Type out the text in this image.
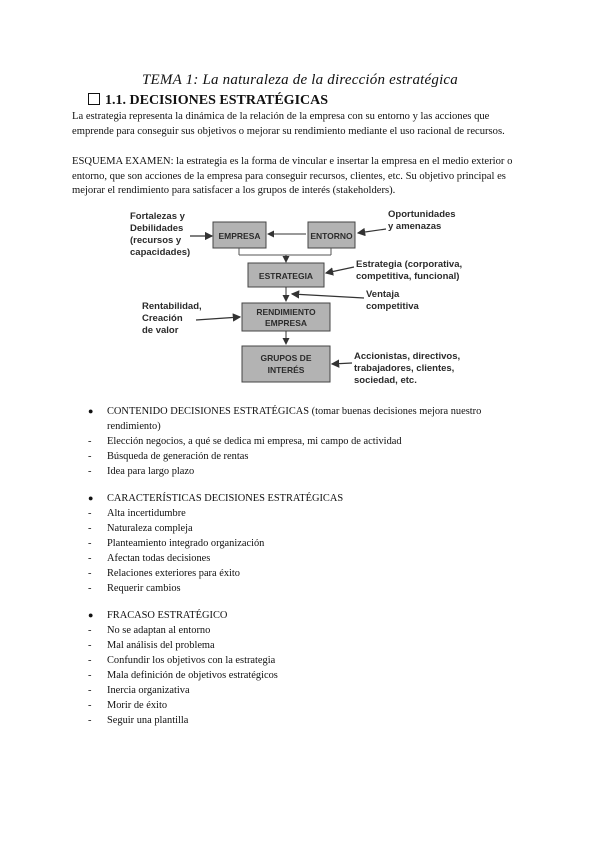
TEMA 1: La naturaleza de la dirección estratégica
1.1. DECISIONES ESTRATÉGICAS
La estrategia representa la dinámica de la relación de la empresa con su entorno y las acciones que emprende para conseguir sus objetivos o mejorar su rendimiento mediante el uso racional de recursos.
ESQUEMA EXAMEN: la estrategia es la forma de vincular e insertar la empresa en el medio exterior o entorno, que son acciones de la empresa para conseguir recursos, clientes, etc. Su objetivo principal es mejorar el rendimiento para satisfacer a los grupos de interés (stakeholders).
Fortalezas y Debilidades (recursos y capacidades)
EMPRESA	ENTORNO
Oportunidades y amenazas
ESTRATEGIA
Estrategia (corporativa, competitiva, funcional)
Ventaja competitiva
RENDIMIENTO
EMPRESA
Rentabilidad, Creación de valor
GRUPOS DE
INTERÉS
Accionistas, directivos, trabajadores, clientes, sociedad, etc.
● CONTENIDO DECISIONES ESTRATÉGICAS (tomar buenas decisiones mejora nuestro rendimiento)
- Elección negocios, a qué se dedica mi empresa, mi campo de actividad
- Búsqueda de generación de rentas
- Idea para largo plazo
● CARACTERÍSTICAS DECISIONES ESTRATÉGICAS
- Alta incertidumbre
- Naturaleza compleja
- Planteamiento integrado organización
- Afectan todas decisiones
- Relaciones exteriores para éxito
- Requerir cambios
● FRACASO ESTRATÉGICO
- No se adaptan al entorno
- Mal análisis del problema
- Confundir los objetivos con la estrategia
- Mala definición de objetivos estratégicos
- Inercia organizativa
- Morir de éxito
- Seguir una plantilla
